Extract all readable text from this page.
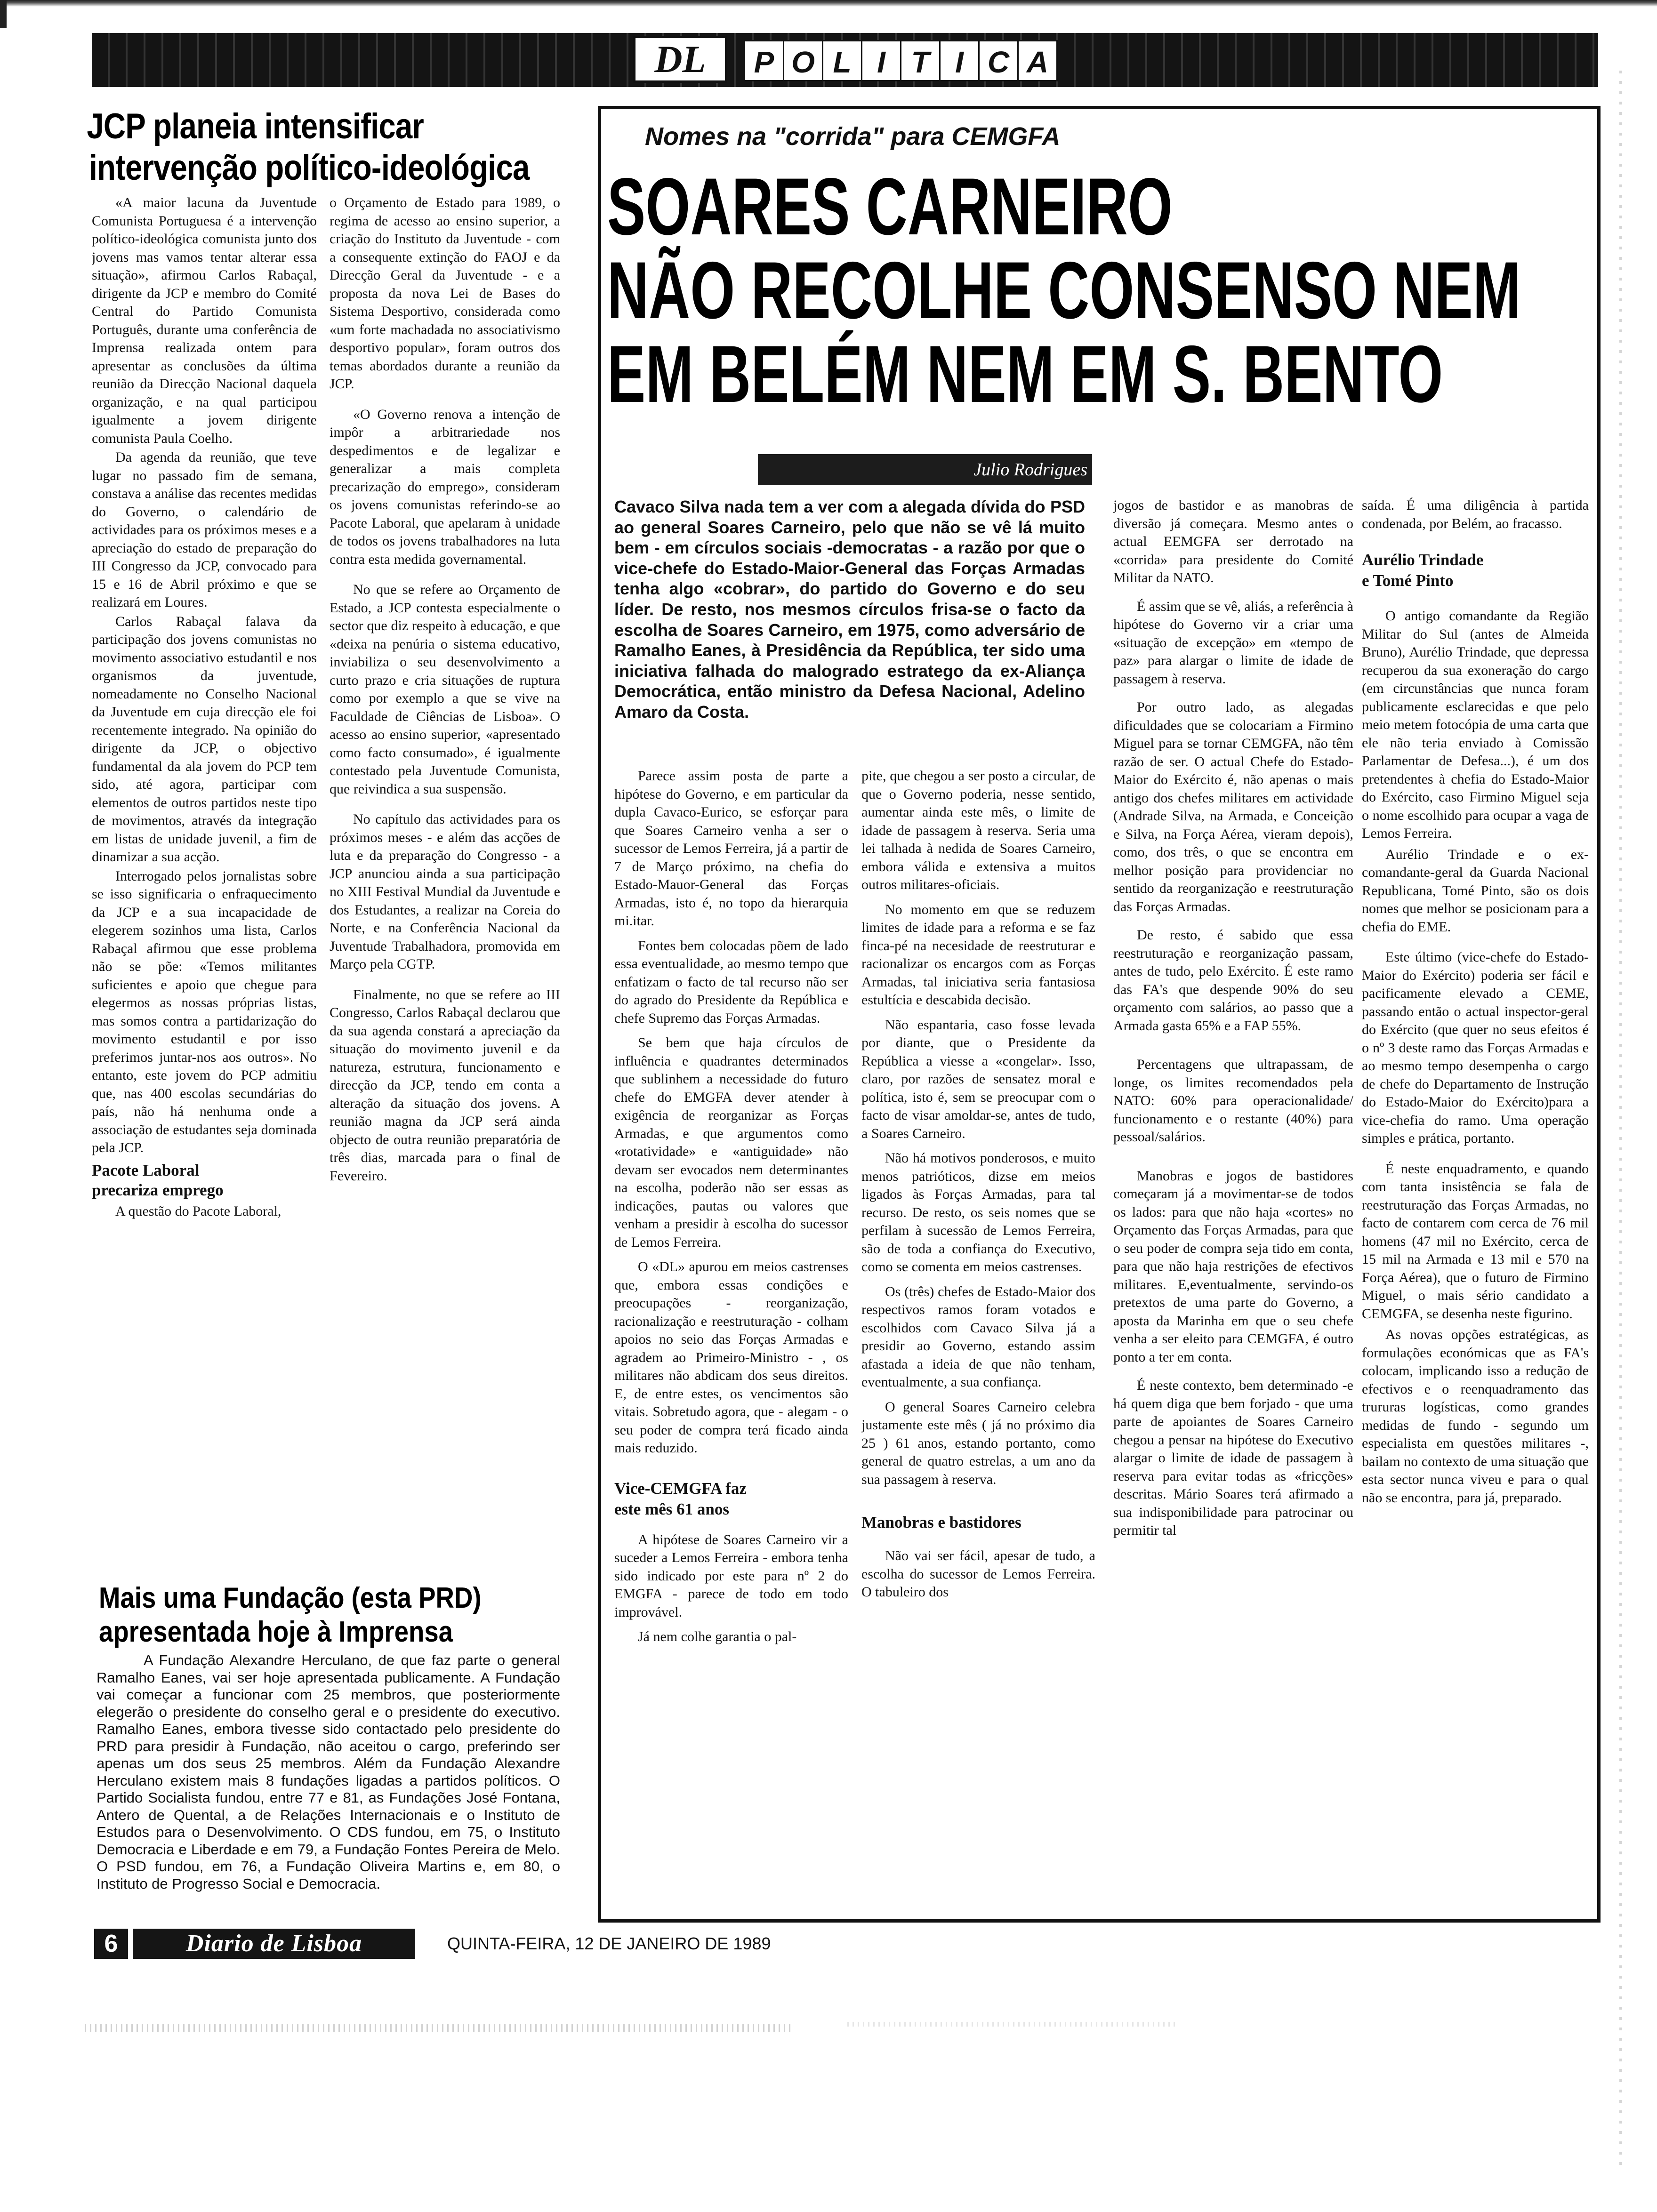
DL P O L I T I C A
JCP planeia intensificar
intervenção político-ideológica

«A maior lacuna da Juventude Comunista Portuguesa é a intervenção político-ideológica comunista junto dos jovens mas vamos tentar alterar essa situação», afirmou Carlos Rabaçal, dirigente da JCP e membro do Comité Central do Partido Comunista Português, durante uma conferência de Imprensa realizada ontem para apresentar as conclusões da última reunião da Direcção Nacional daquela organização, e na qual participou igualmente a jovem dirigente comunista Paula Coelho.

Da agenda da reunião, que teve lugar no passado fim de semana, constava a análise das recentes medidas do Governo, o calendário de actividades para os próximos meses e a apreciação do estado de preparação do III Congresso da JCP, convocado para 15 e 16 de Abril próximo e que se realizará em Loures.

Carlos Rabaçal falava da participação dos jovens comunistas no movimento associativo estudantil e nos organismos da juventude, nomeadamente no Conselho Nacional da Juventude em cuja direcção ele foi recentemente integrado. Na opinião do dirigente da JCP, o objectivo fundamental da ala jovem do PCP tem sido, até agora, participar com elementos de outros partidos neste tipo de movimentos, através da integração em listas de unidade juvenil, a fim de dinamizar a sua acção.

Interrogado pelos jornalistas sobre se isso significaria o enfraquecimento da JCP e a sua incapacidade de elegerem sozinhos uma lista, Carlos Rabaçal afirmou que esse problema não se põe: «Temos militantes suficientes e apoio que chegue para elegermos as nossas próprias listas, mas somos contra a partidarização do movimento estudantil e por isso preferimos juntar-nos aos outros». No entanto, este jovem do PCP admitiu que, nas 400 escolas secundárias do país, não há nenhuma onde a associação de estudantes seja dominada pela JCP.

Pacote Laboral
precariza emprego

A questão do Pacote Laboral,

o Orçamento de Estado para 1989, o regima de acesso ao ensino superior, a criação do Instituto da Juventude - com a consequente extinção do FAOJ e da Direcção Geral da Juventude - e a proposta da nova Lei de Bases do Sistema Desportivo, considerada como «um forte machadada no associativismo desportivo popular», foram outros dos temas abordados durante a reunião da JCP.

«O Governo renova a intenção de impôr a arbitrariedade nos despedimentos e de legalizar e generalizar a mais completa precarização do emprego», consideram os jovens comunistas referindo-se ao Pacote Laboral, que apelaram à unidade de todos os jovens trabalhadores na luta contra esta medida governamental.

No que se refere ao Orçamento de Estado, a JCP contesta especialmente o sector que diz respeito à educação, e que «deixa na penúria o sistema educativo, inviabiliza o seu desenvolvimento a curto prazo e cria situações de ruptura como por exemplo a que se vive na Faculdade de Ciências de Lisboa». O acesso ao ensino superior, «apresentado como facto consumado», é igualmente contestado pela Juventude Comunista, que reivindica a sua suspensão.

No capítulo das actividades para os próximos meses - e além das acções de luta e da preparação do Congresso - a JCP anunciou ainda a sua participação no XIII Festival Mundial da Juventude e dos Estudantes, a realizar na Coreia do Norte, e na Conferência Nacional da Juventude Trabalhadora, promovida em Março pela CGTP.

Finalmente, no que se refere ao III Congresso, Carlos Rabaçal declarou que da sua agenda constará a apreciação da situação do movimento juvenil e da natureza, estrutura, funcionamento e direcção da JCP, tendo em conta a alteração da situação dos jovens. A reunião magna da JCP será ainda objecto de outra reunião preparatória de três dias, marcada para o final de Fevereiro.

Mais uma Fundação (esta PRD)
apresentada hoje à Imprensa

A Fundação Alexandre Herculano, de que faz parte o general Ramalho Eanes, vai ser hoje apresentada publicamente. A Fundação vai começar a funcionar com 25 membros, que posteriormente elegerão o presidente do conselho geral e o presidente do executivo. Ramalho Eanes, embora tivesse sido contactado pelo presidente do PRD para presidir à Fundação, não aceitou o cargo, preferindo ser apenas um dos seus 25 membros. Além da Fundação Alexandre Herculano existem mais 8 fundações ligadas a partidos políticos. O Partido Socialista fundou, entre 77 e 81, as Fundações José Fontana, Antero de Quental, a de Relações Internacionais e o Instituto de Estudos para o Desenvolvimento. O CDS fundou, em 75, o Instituto Democracia e Liberdade e em 79, a Fundação Fontes Pereira de Melo. O PSD fundou, em 76, a Fundação Oliveira Martins e, em 80, o Instituto de Progresso Social e Democracia.

Nomes na "corrida" para CEMGFA
SOARES CARNEIRO
NÃO RECOLHE CONSENSO NEM
EM BELÉM NEM EM S. BENTO
Julio Rodrigues
Cavaco Silva nada tem a ver com a alegada dívida do PSD ao general Soares Carneiro, pelo que não se vê lá muito bem - em círculos sociais -democratas - a razão por que o vice-chefe do Estado-Maior-General das Forças Armadas tenha algo «cobrar», do partido do Governo e do seu líder. De resto, nos mesmos círculos frisa-se o facto da escolha de Soares Carneiro, em 1975, como adversário de Ramalho Eanes, à Presidência da República, ter sido uma iniciativa falhada do malogrado estratego da ex-Aliança Democrática, então ministro da Defesa Nacional, Adelino Amaro da Costa.

Parece assim posta de parte a hipótese do Governo, e em particular da dupla Cavaco-Eurico, se esforçar para que Soares Carneiro venha a ser o sucessor de Lemos Ferreira, já a partir de 7 de Março próximo, na chefia do Estado-Mauor-General das Forças Armadas, isto é, no topo da hierarquia mi.itar.

Fontes bem colocadas põem de lado essa eventualidade, ao mesmo tempo que enfatizam o facto de tal recurso não ser do agrado do Presidente da República e chefe Supremo das Forças Armadas.

Se bem que haja círculos de influência e quadrantes determinados que sublinhem a necessidade do futuro chefe do EMGFA dever atender à exigência de reorganizar as Forças Armadas, e que argumentos como «rotatividade» e «antiguidade» não devam ser evocados nem determinantes na escolha, poderão não ser essas as indicações, pautas ou valores que venham a presidir à escolha do sucessor de Lemos Ferreira.

O «DL» apurou em meios castrenses que, embora essas condições e preocupações - reorganização, racionalização e reestruturação - colham apoios no seio das Forças Armadas e agradem ao Primeiro-Ministro - , os militares não abdicam dos seus direitos. E, de entre estes, os vencimentos são vitais. Sobretudo agora, que - alegam - o seu poder de compra terá ficado ainda mais reduzido.

Vice-CEMGFA faz
este mês 61 anos

A hipótese de Soares Carneiro vir a suceder a Lemos Ferreira - embora tenha sido indicado por este para nº 2 do EMGFA - parece de todo em todo improvável.

Já nem colhe garantia o pal-

pite, que chegou a ser posto a circular, de que o Governo poderia, nesse sentido, aumentar ainda este mês, o limite de idade de passagem à reserva. Seria uma lei talhada à nedida de Soares Carneiro, embora válida e extensiva a muitos outros militares-oficiais.

No momento em que se reduzem limites de idade para a reforma e se faz finca-pé na necesidade de reestruturar e racionalizar os encargos com as Forças Armadas, tal iniciativa seria fantasiosa estultícia e descabida decisão.

Não espantaria, caso fosse levada por diante, que o Presidente da República a viesse a «congelar». Isso, claro, por razões de sensatez moral e política, isto é, sem se preocupar com o facto de visar amoldar-se, antes de tudo, a Soares Carneiro.

Não há motivos ponderosos, e muito menos patrióticos, dizse em meios ligados às Forças Armadas, para tal recurso. De resto, os seis nomes que se perfilam à sucessão de Lemos Ferreira, são de toda a confiança do Executivo, como se comenta em meios castrenses.

Os (três) chefes de Estado-Maior dos respectivos ramos foram votados e escolhidos com Cavaco Silva já a presidir ao Governo, estando assim afastada a ideia de que não tenham, eventualmente, a sua confiança.

O general Soares Carneiro celebra justamente este mês ( já no próximo dia 25 ) 61 anos, estando portanto, como general de quatro estrelas, a um ano da sua passagem à reserva.

Manobras e bastidores

Não vai ser fácil, apesar de tudo, a escolha do sucessor de Lemos Ferreira. O tabuleiro dos

jogos de bastidor e as manobras de diversão já começara. Mesmo antes o actual EEMGFA ser derrotado na «corrida» para presidente do Comité Militar da NATO.

É assim que se vê, aliás, a referência à hipótese do Governo vir a criar uma «situação de excepção» em «tempo de paz» para alargar o limite de idade de passagem à reserva.

Por outro lado, as alegadas dificuldades que se colocariam a Firmino Miguel para se tornar CEMGFA, não têm razão de ser. O actual Chefe do Estado-Maior do Exército é, não apenas o mais antigo dos chefes militares em actividade (Andrade Silva, na Armada, e Conceição e Silva, na Força Aérea, vieram depois), como, dos três, o que se encontra em melhor posição para providenciar no sentido da reorganização e reestruturação das Forças Armadas.

De resto, é sabido que essa reestruturação e reorganização passam, antes de tudo, pelo Exército. É este ramo das FA's que despende 90% do seu orçamento com salários, ao passo que a Armada gasta 65% e a FAP 55%.

Percentagens que ultrapassam, de longe, os limites recomendados pela NATO: 60% para operacionalidade/ funcionamento e o restante (40%) para pessoal/salários.

Manobras e jogos de bastidores começaram já a movimentar-se de todos os lados: para que não haja «cortes» no Orçamento das Forças Armadas, para que o seu poder de compra seja tido em conta, para que não haja restrições de efectivos militares. E,eventualmente, servindo-os pretextos de uma parte do Governo, a aposta da Marinha em que o seu chefe venha a ser eleito para CEMGFA, é outro ponto a ter em conta.

É neste contexto, bem determinado -e há quem diga que bem forjado - que uma parte de apoiantes de Soares Carneiro chegou a pensar na hipótese do Executivo alargar o limite de idade de passagem à reserva para evitar todas as «fricções» descritas. Mário Soares terá afirmado a sua indisponibilidade para patrocinar ou permitir tal

saída. É uma diligência à partida condenada, por Belém, ao fracasso.

Aurélio Trindade
e Tomé Pinto

O antigo comandante da Região Militar do Sul (antes de Almeida Bruno), Aurélio Trindade, que depressa recuperou da sua exoneração do cargo (em circunstâncias que nunca foram publicamente esclarecidas e que pelo meio metem fotocópia de uma carta que ele não teria enviado à Comissão Parlamentar de Defesa...), é um dos pretendentes à chefia do Estado-Maior do Exército, caso Firmino Miguel seja o nome escolhido para ocupar a vaga de Lemos Ferreira.

Aurélio Trindade e o ex-comandante-geral da Guarda Nacional Republicana, Tomé Pinto, são os dois nomes que melhor se posicionam para a chefia do EME.

Este último (vice-chefe do Estado-Maior do Exército) poderia ser fácil e pacificamente elevado a CEME, passando então o actual inspector-geral do Exército (que quer no seus efeitos é o nº 3 deste ramo das Forças Armadas e ao mesmo tempo desempenha o cargo de chefe do Departamento de Instrução do Estado-Maior do Exército)para a vice-chefia do ramo. Uma operação simples e prática, portanto.

É neste enquadramento, e quando com tanta insistência se fala de reestruturação das Forças Armadas, no facto de contarem com cerca de 76 mil homens (47 mil no Exército, cerca de 15 mil na Armada e 13 mil e 570 na Força Aérea), que o futuro de Firmino Miguel, o mais sério candidato a CEMGFA, se desenha neste figurino.

As novas opções estratégicas, as formulações económicas que as FA's colocam, implicando isso a redução de efectivos e o reenquadramento das trururas logísticas, como grandes medidas de fundo - segundo um especialista em questões militares -, bailam no contexto de uma situação que esta sector nunca viveu e para o qual não se encontra, para já, preparado.

6	Diario de Lisboa	QUINTA-FEIRA, 12 DE JANEIRO DE 1989
